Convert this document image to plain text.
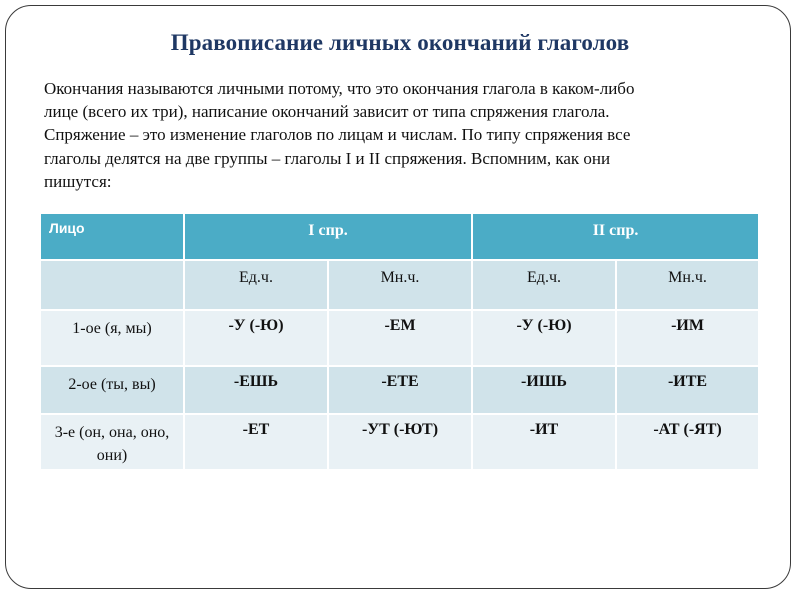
Правописание личных окончаний глаголов
Окончания называются личными потому, что это окончания глагола в каком-либо
лице (всего их три), написание окончаний зависит от типа спряжения глагола.
Спряжение – это изменение глаголов по лицам и числам. По типу спряжения все
глаголы делятся на две группы – глаголы I и II спряжения. Вспомним, как они
пишутся:
Лицо	I спр.		II спр.	
	Ед.ч.	Мн.ч.	Ед.ч.	Мн.ч.
1-ое (я, мы)	-У (-Ю)	-ЕМ	-У (-Ю)	-ИМ
2-ое (ты, вы)	-ЕШЬ	-ЕТЕ	-ИШЬ	-ИТЕ
3-е (он, она, оно, они)	-ЕТ	-УТ (-ЮТ)	-ИТ	-АТ (-ЯТ)
